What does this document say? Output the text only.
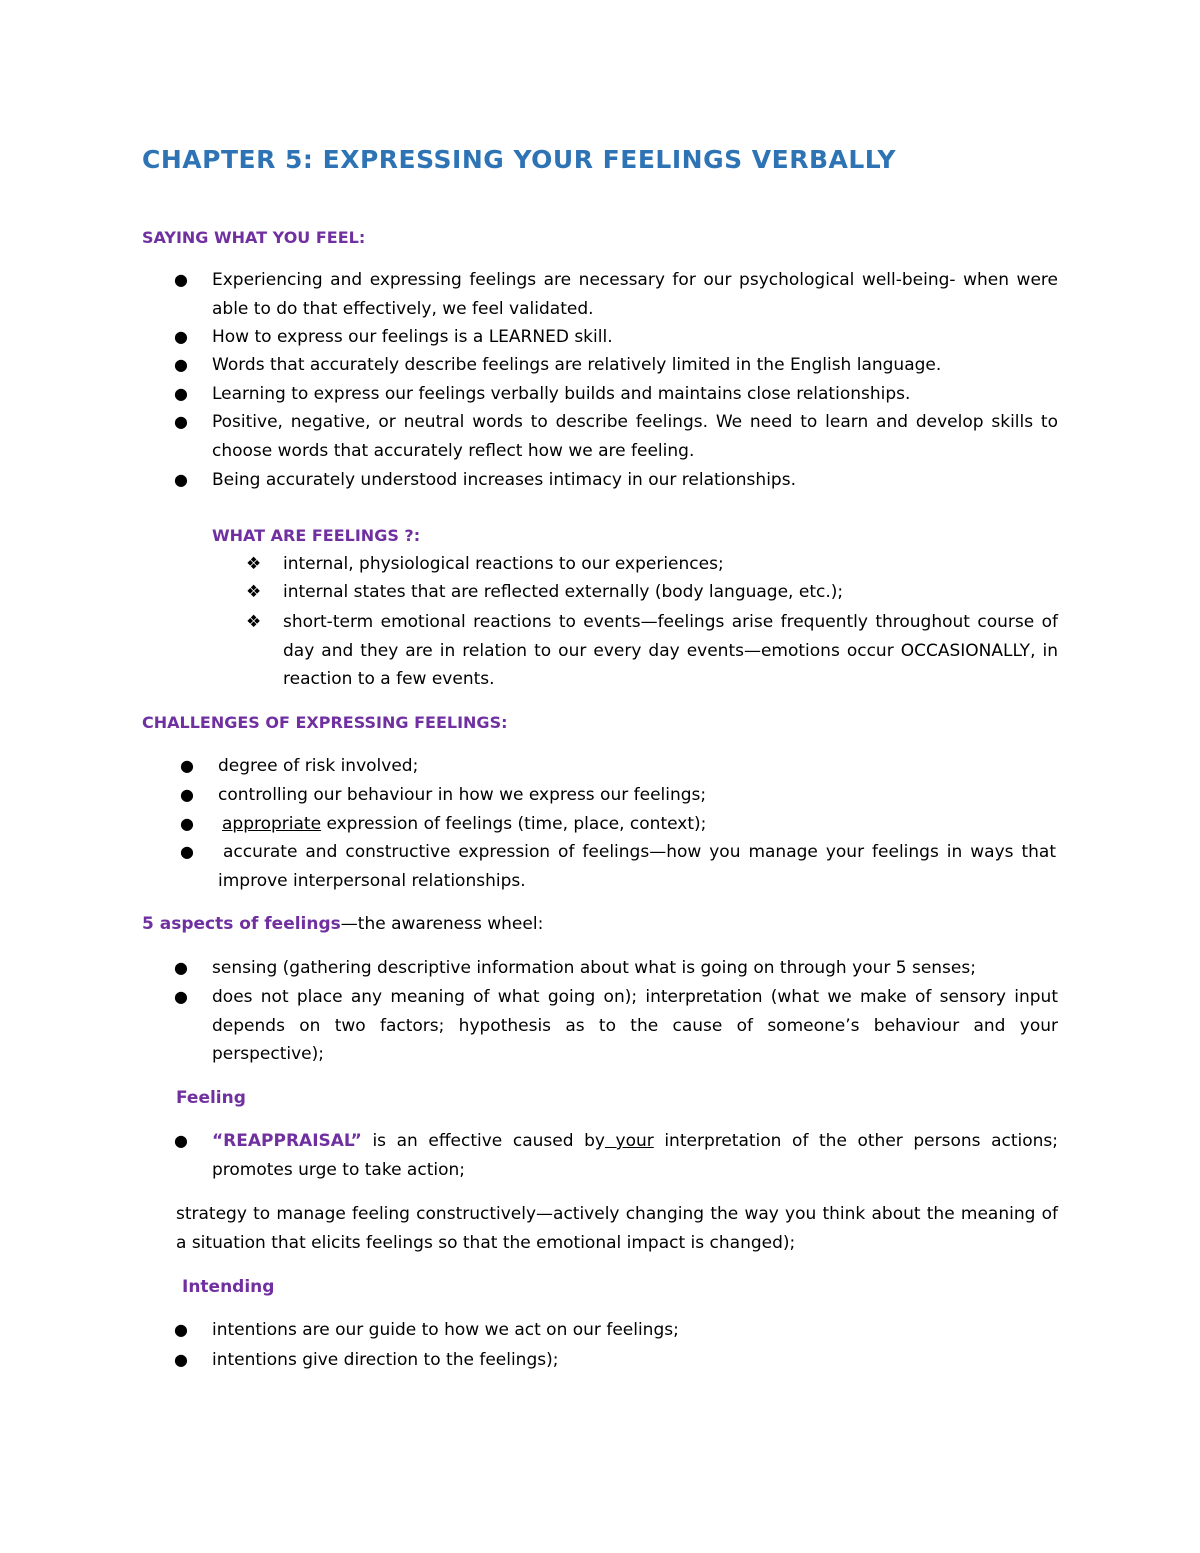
CHAPTER 5: EXPRESSING YOUR FEELINGS VERBALLY
SAYING WHAT YOU FEEL:
● Experiencing and expressing feelings are necessary for our psychological well-being- when were able to do that effectively, we feel validated.

● How to express our feelings is a LEARNED skill.

● Words that accurately describe feelings are relatively limited in the English language.

● Learning to express our feelings verbally builds and maintains close relationships.

● Positive, negative, or neutral words to describe feelings. We need to learn and develop skills to choose words that accurately reflect how we are feeling.

● Being accurately understood increases intimacy in our relationships.

WHAT ARE FEELINGS ?:
❖ internal, physiological reactions to our experiences;

❖ internal states that are reflected externally (body language, etc.);

❖ short-term emotional reactions to events—feelings arise frequently throughout course of day and they are in relation to our every day events—emotions occur OCCASIONALLY, in reaction to a few events.

CHALLENGES OF EXPRESSING FEELINGS:
● degree of risk involved;

● controlling our behaviour in how we express our feelings;

● appropriate expression of feelings (time, place, context);

● accurate and constructive expression of feelings—how you manage your feelings in ways that improve interpersonal relationships.

5 aspects of feelings—the awareness wheel:

● sensing (gathering descriptive information about what is going on through your 5 senses;

● does not place any meaning of what going on); interpretation (what we make of sensory input depends on two factors; hypothesis as to the cause of someone’s behaviour and your perspective);

Feeling
● “REAPPRAISAL” is an effective caused by your interpretation of the other persons actions; promotes urge to take action;

strategy to manage feeling constructively—actively changing the way you think about the meaning of a situation that elicits feelings so that the emotional impact is changed);

Intending
● intentions are our guide to how we act on our feelings;

● intentions give direction to the feelings);
